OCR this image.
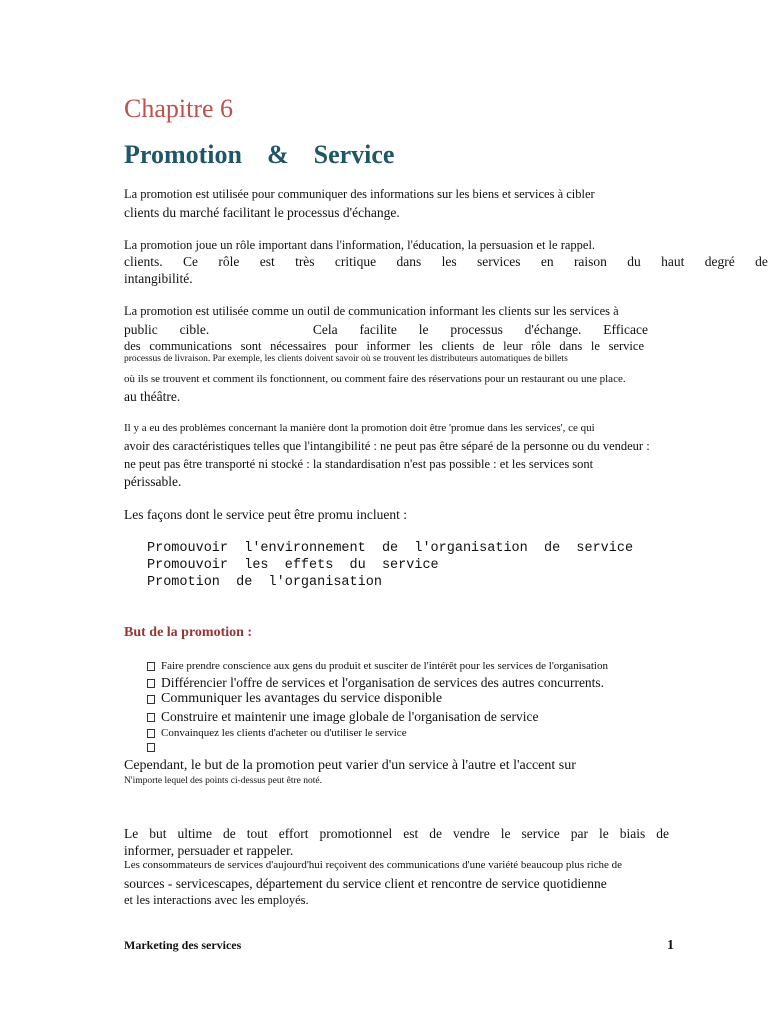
Chapitre 6
Promotion  &  Service

La promotion est utilisée pour communiquer des informations sur les biens et services à cibler

clients du marché facilitant le processus d'échange.

La promotion joue un rôle important dans l'information, l'éducation, la persuasion et le rappel.

clients. Ce rôle est très critique dans les services en raison du haut degré de

intangibilité.

La promotion est utilisée comme un outil de communication informant les clients sur les services à

public cible.	Cela facilite le processus d'échange. Efficace

des communications sont nécessaires pour informer les clients de leur rôle dans le service

processus de livraison. Par exemple, les clients doivent savoir où se trouvent les distributeurs automatiques de billets

où ils se trouvent et comment ils fonctionnent, ou comment faire des réservations pour un restaurant ou une place.

au théâtre.

Il y a eu des problèmes concernant la manière dont la promotion doit être 'promue dans les services', ce qui

avoir des caractéristiques telles que l'intangibilité : ne peut pas être séparé de la personne ou du vendeur :

ne peut pas être transporté ni stocké : la standardisation n'est pas possible : et les services sont

périssable.

Les façons dont le service peut être promu incluent :

Promouvoir  l'environnement  de  l'organisation  de  service

Promouvoir  les  effets  du  service

Promotion  de  l'organisation

But de la promotion :

Faire prendre conscience aux gens du produit et susciter de l'intérêt pour les services de l'organisation
Différencier l'offre de services et l'organisation de services des autres concurrents.
Communiquer les avantages du service disponible
Construire et maintenir une image globale de l'organisation de service
Convainquez les clients d'acheter ou d'utiliser le service

Cependant, le but de la promotion peut varier d'un service à l'autre et l'accent sur

N'importe lequel des points ci-dessus peut être noté.

Le but ultime de tout effort promotionnel est de vendre le service par le biais de

informer, persuader et rappeler.

Les consommateurs de services d'aujourd'hui reçoivent des communications d'une variété beaucoup plus riche de

sources - servicescapes, département du service client et rencontre de service quotidienne

et les interactions avec les employés.

Marketing des services	1
